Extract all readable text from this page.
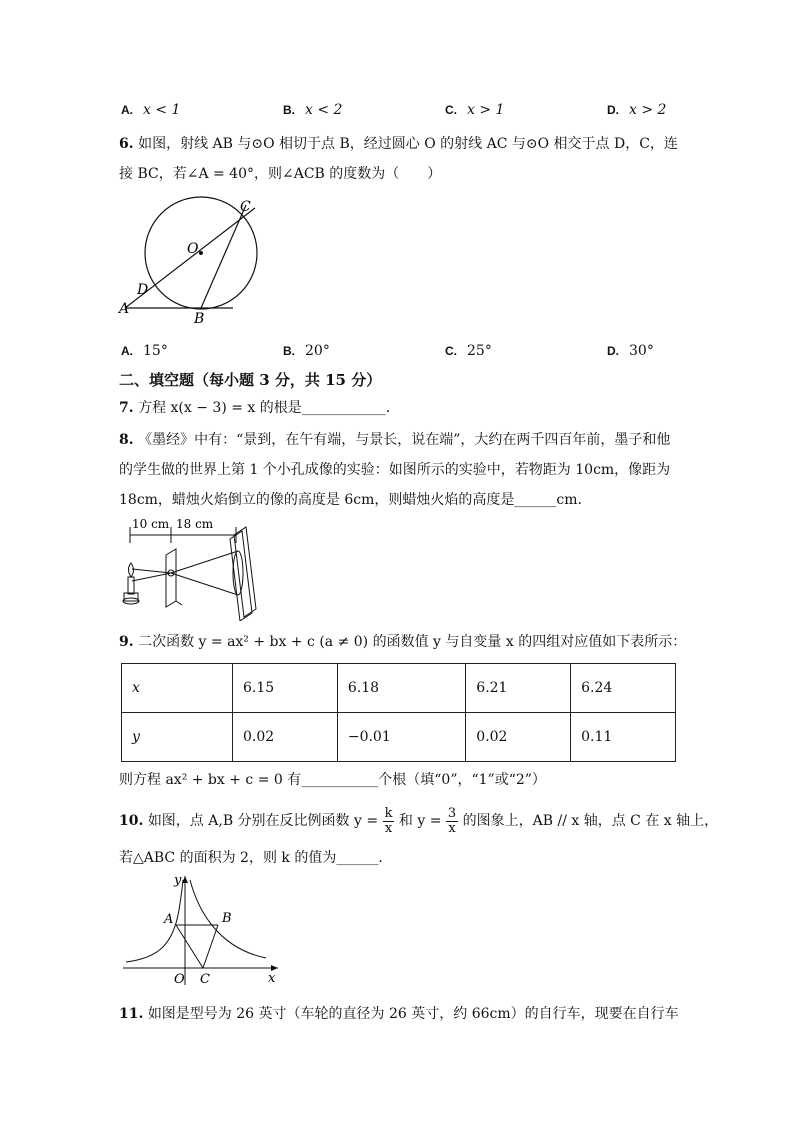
A. x < 1	B. x < 2	C. x > 1	D. x > 2
6. 如图，射线 AB 与⊙O 相切于点 B，经过圆心 O 的射线 AC 与⊙O 相交于点 D，C，连
接 BC，若∠A = 40°，则∠ACB 的度数为（　　）
C
O
D
A
B
A. 15°	B. 20°	C. 25°	D. 30°
二、填空题（每小题 3 分，共 15 分）
7. 方程 x(x − 3) = x 的根是____________．
8. 《墨经》中有：“景到，在午有端，与景长，说在端”，大约在两千四百年前，墨子和他
的学生做的世界上第 1 个小孔成像的实验：如图所示的实验中，若物距为 10cm，像距为
18cm，蜡烛火焰倒立的像的高度是 6cm，则蜡烛火焰的高度是______cm.
10 cm 18 cm
9. 二次函数 y = ax² + bx + c (a ≠ 0) 的函数值 y 与自变量 x 的四组对应值如下表所示：
x	6.15	6.18	6.21	6.24
y	0.02	−0.01	0.02	0.11
则方程 ax² + bx + c = 0 有___________个根（填“0”，“1”或“2”）
10. 如图，点 A,B 分别在反比例函数 $y = \frac{k}{x}$ 和 $y = \frac{3}{x}$ 的图象上，AB // x 轴，点 C 在 x 轴上，
若△ABC 的面积为 2，则 k 的值为______．
y
x
A	B
O C
11. 如图是型号为 26 英寸（车轮的直径为 26 英寸，约 66cm）的自行车，现要在自行车
